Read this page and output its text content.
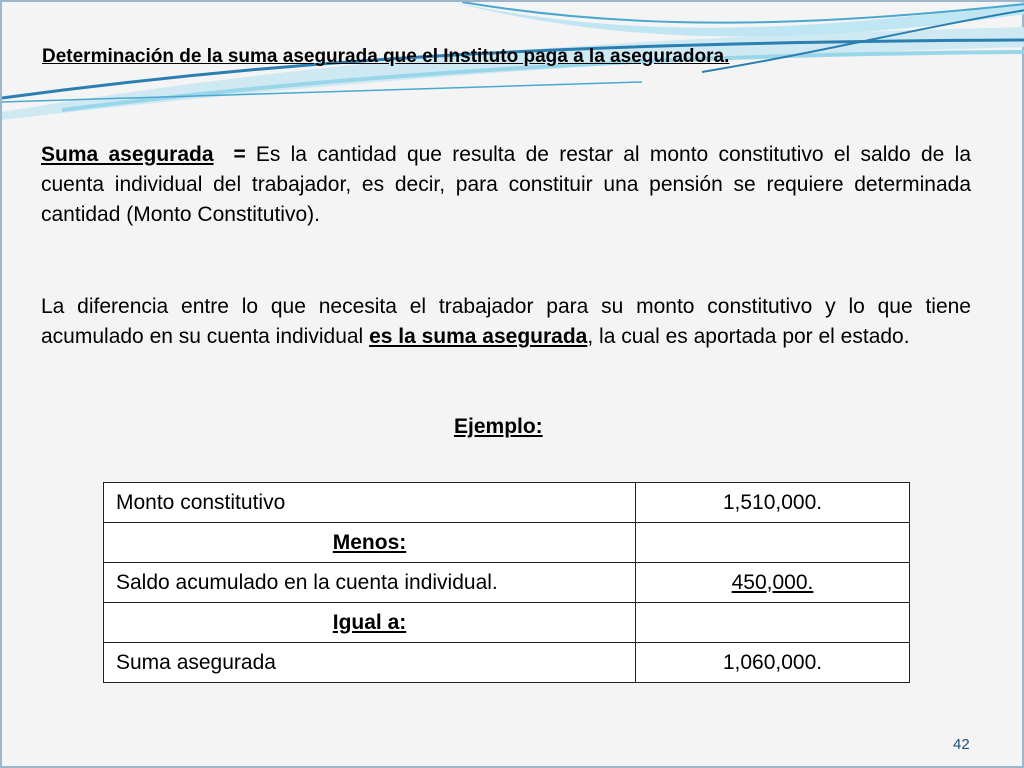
Determinación de la suma asegurada que el Instituto paga a la aseguradora.
Suma asegurada = Es la cantidad que resulta de restar al monto constitutivo el saldo de la cuenta individual del trabajador, es decir, para constituir una pensión se requiere determinada cantidad (Monto Constitutivo).
La diferencia entre lo que necesita el trabajador para su monto constitutivo y lo que tiene acumulado en su cuenta individual es la suma asegurada, la cual es aportada por el estado.
Ejemplo:
Monto constitutivo	1,510,000.
Menos:	
Saldo acumulado en la cuenta individual.	450,000.
Igual a:	
Suma asegurada	1,060,000.
42
